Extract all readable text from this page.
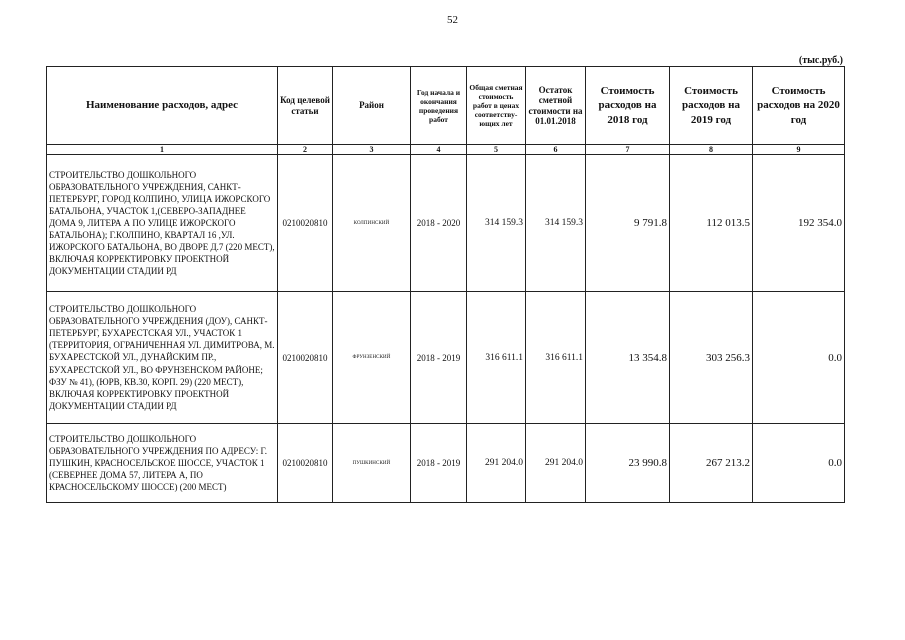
52
(тыс.руб.)
Наименование расходов, адрес	Код целевой статьи	Район	Год начала и окончания проведения работ	Общая сметная стоимость работ в ценах соответству-ющих лет	Остаток сметной стоимости на 01.01.2018	Стоимость расходов на 2018 год	Стоимость расходов на 2019 год	Стоимость расходов на 2020 год
1	2	3	4	5	6	7	8	9
СТРОИТЕЛЬСТВО ДОШКОЛЬНОГО ОБРАЗОВАТЕЛЬНОГО УЧРЕЖДЕНИЯ, САНКТ-ПЕТЕРБУРГ, ГОРОД КОЛПИНО, УЛИЦА ИЖОРСКОГО БАТАЛЬОНА, УЧАСТОК 1,(СЕВЕРО-ЗАПАДНЕЕ ДОМА 9, ЛИТЕРА А ПО УЛИЦЕ ИЖОРСКОГО БАТАЛЬОНА); Г.КОЛПИНО, КВАРТАЛ 16 ,УЛ. ИЖОРСКОГО БАТАЛЬОНА, ВО ДВОРЕ Д.7 (220 МЕСТ), ВКЛЮЧАЯ КОРРЕКТИРОВКУ ПРОЕКТНОЙ ДОКУМЕНТАЦИИ СТАДИИ РД	0210020810	КОЛПИНСКИЙ	2018 - 2020	314 159.3	314 159.3	9 791.8	112 013.5	192 354.0
СТРОИТЕЛЬСТВО ДОШКОЛЬНОГО ОБРАЗОВАТЕЛЬНОГО УЧРЕЖДЕНИЯ (ДОУ), САНКТ-ПЕТЕРБУРГ, БУХАРЕСТСКАЯ УЛ., УЧАСТОК 1 (ТЕРРИТОРИЯ, ОГРАНИЧЕННАЯ УЛ. ДИМИТРОВА, М. БУХАРЕСТСКОЙ УЛ., ДУНАЙСКИМ ПР., БУХАРЕСТСКОЙ УЛ., ВО ФРУНЗЕНСКОМ РАЙОНЕ; ФЗУ № 41), (ЮРВ, КВ.30, КОРП. 29) (220 МЕСТ), ВКЛЮЧАЯ КОРРЕКТИРОВКУ ПРОЕКТНОЙ ДОКУМЕНТАЦИИ СТАДИИ РД	0210020810	ФРУНЗЕНСКИЙ	2018 - 2019	316 611.1	316 611.1	13 354.8	303 256.3	0.0
СТРОИТЕЛЬСТВО ДОШКОЛЬНОГО ОБРАЗОВАТЕЛЬНОГО УЧРЕЖДЕНИЯ ПО АДРЕСУ: Г. ПУШКИН, КРАСНОСЕЛЬСКОЕ ШОССЕ, УЧАСТОК 1 (СЕВЕРНЕЕ ДОМА 57, ЛИТЕРА А, ПО КРАСНОСЕЛЬСКОМУ ШОССЕ) (200 МЕСТ)	0210020810	ПУШКИНСКИЙ	2018 - 2019	291 204.0	291 204.0	23 990.8	267 213.2	0.0
